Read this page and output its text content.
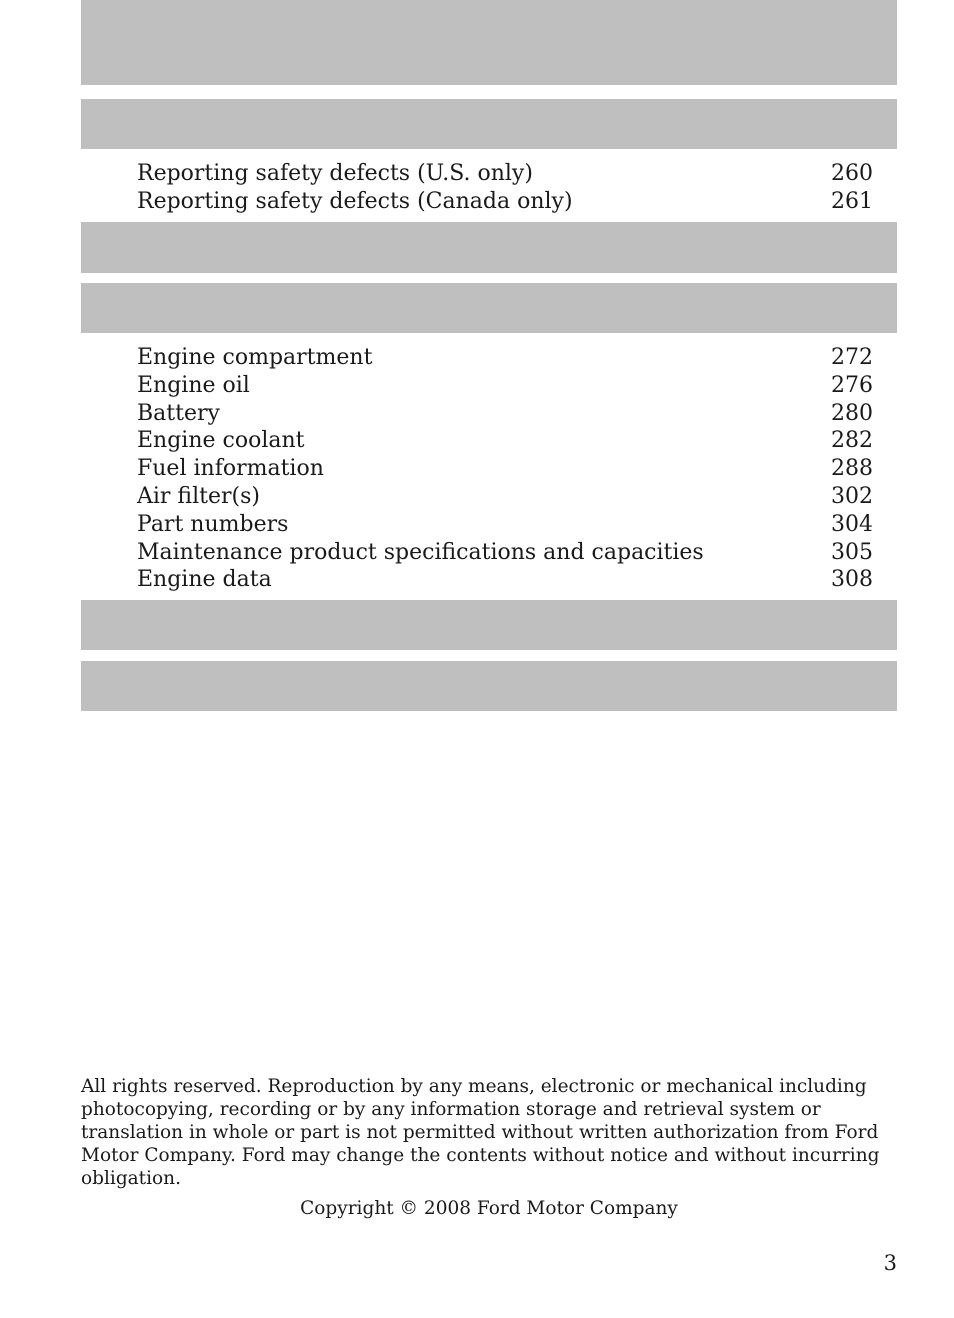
Reporting safety defects (U.S. only)	260
Reporting safety defects (Canada only)	261
Engine compartment	272
Engine oil	276
Battery	280
Engine coolant	282
Fuel information	288
Air filter(s)	302
Part numbers	304
Maintenance product specifications and capacities	305
Engine data	308

All rights reserved. Reproduction by any means, electronic or mechanical including photocopying, recording or by any information storage and retrieval system or translation in whole or part is not permitted without written authorization from Ford Motor Company. Ford may change the contents without notice and without incurring obligation.

Copyright © 2008 Ford Motor Company
3
